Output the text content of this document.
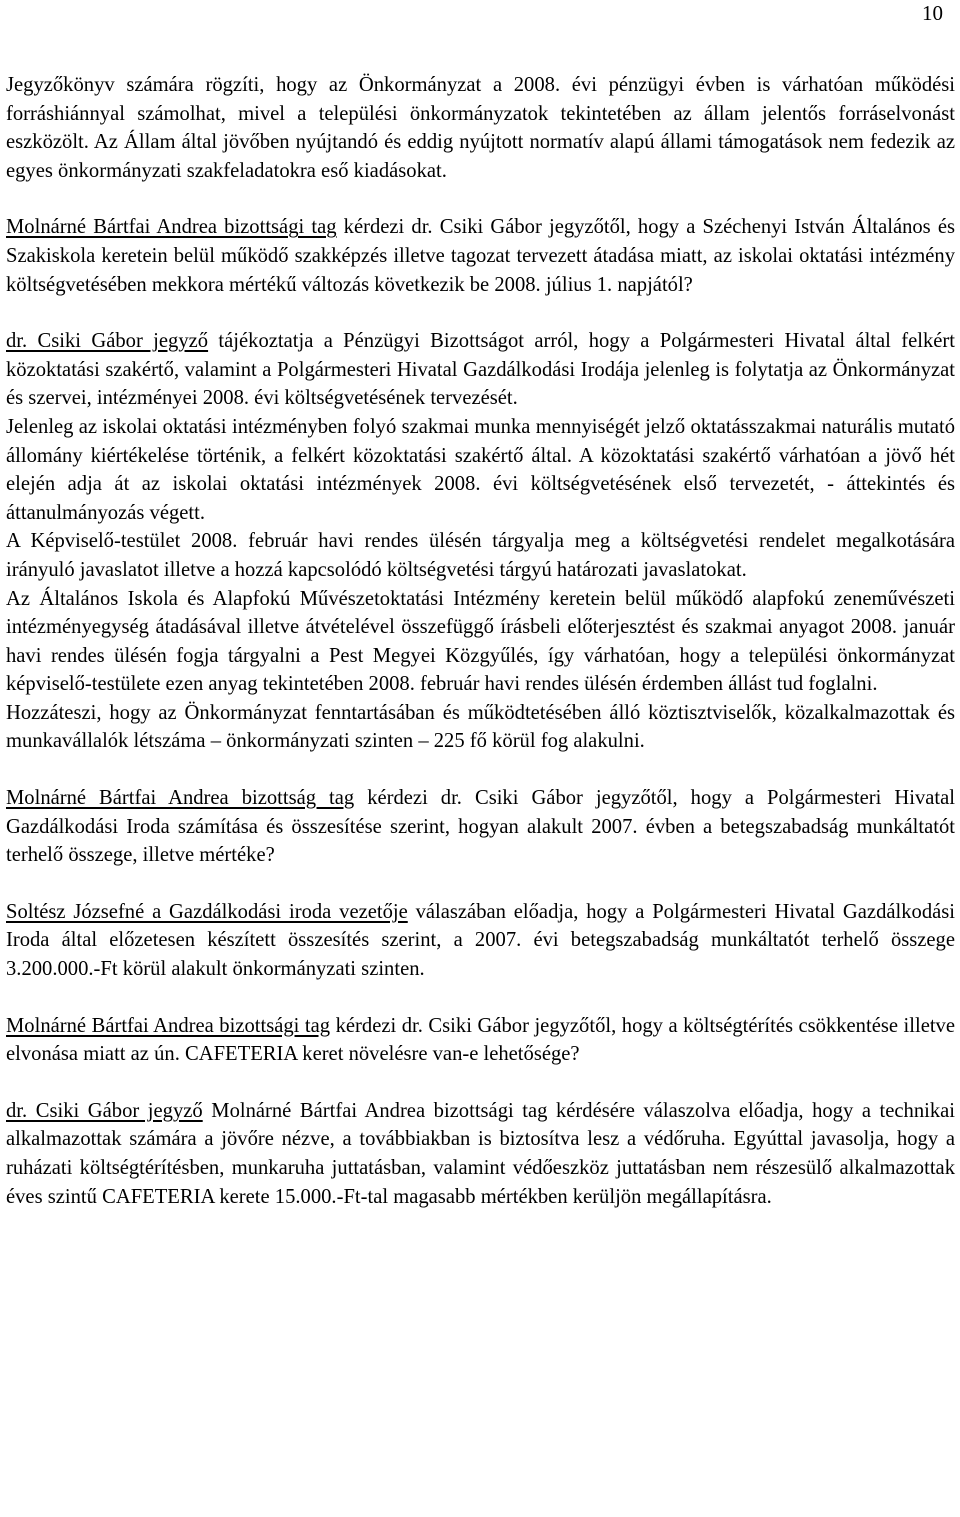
10

Jegyzőkönyv számára rögzíti, hogy az Önkormányzat a 2008. évi pénzügyi évben is várhatóan működési forráshiánnyal számolhat, mivel a települési önkormányzatok tekintetében az állam jelentős forráselvonást eszközölt. Az Állam által jövőben nyújtandó és eddig nyújtott normatív alapú állami támogatások nem fedezik az egyes önkormányzati szakfeladatokra eső kiadásokat.

Molnárné Bártfai Andrea bizottsági tag kérdezi dr. Csiki Gábor jegyzőtől, hogy a Széchenyi István Általános és Szakiskola keretein belül működő szakképzés illetve tagozat tervezett átadása miatt, az iskolai oktatási intézmény költségvetésében mekkora mértékű változás következik be 2008. július 1. napjától?

dr. Csiki Gábor jegyző tájékoztatja a Pénzügyi Bizottságot arról, hogy a Polgármesteri Hivatal által felkért közoktatási szakértő, valamint a Polgármesteri Hivatal Gazdálkodási Irodája jelenleg is folytatja az Önkormányzat és szervei, intézményei 2008. évi költségvetésének tervezését.

Jelenleg az iskolai oktatási intézményben folyó szakmai munka mennyiségét jelző oktatásszakmai naturális mutató állomány kiértékelése történik, a felkért közoktatási szakértő által. A közoktatási szakértő várhatóan a jövő hét elején adja át az iskolai oktatási intézmények 2008. évi költségvetésének első tervezetét, - áttekintés és áttanulmányozás végett.

A Képviselő-testület 2008. február havi rendes ülésén tárgyalja meg a költségvetési rendelet megalkotására irányuló javaslatot illetve a hozzá kapcsolódó költségvetési tárgyú határozati javaslatokat.

Az Általános Iskola és Alapfokú Művészetoktatási Intézmény keretein belül működő alapfokú zeneművészeti intézményegység átadásával illetve átvételével összefüggő írásbeli előterjesztést és szakmai anyagot 2008. január havi rendes ülésén fogja tárgyalni a Pest Megyei Közgyűlés, így várhatóan, hogy a települési önkormányzat képviselő-testülete ezen anyag tekintetében 2008. február havi rendes ülésén érdemben állást tud foglalni.

Hozzáteszi, hogy az Önkormányzat fenntartásában és működtetésében álló köztisztviselők, közalkalmazottak és munkavállalók létszáma – önkormányzati szinten – 225 fő körül fog alakulni.

Molnárné Bártfai Andrea bizottság tag kérdezi dr. Csiki Gábor jegyzőtől, hogy a Polgármesteri Hivatal Gazdálkodási Iroda számítása és összesítése szerint, hogyan alakult 2007. évben a betegszabadság munkáltatót terhelő összege, illetve mértéke?

Soltész Józsefné a Gazdálkodási iroda vezetője válaszában előadja, hogy a Polgármesteri Hivatal Gazdálkodási Iroda által előzetesen készített összesítés szerint, a 2007. évi betegszabadság munkáltatót terhelő összege 3.200.000.-Ft körül alakult önkormányzati szinten.

Molnárné Bártfai Andrea bizottsági tag kérdezi dr. Csiki Gábor jegyzőtől, hogy a költségtérítés csökkentése illetve elvonása miatt az ún. CAFETERIA keret növelésre van-e lehetősége?

dr. Csiki Gábor jegyző Molnárné Bártfai Andrea bizottsági tag kérdésére válaszolva előadja, hogy a technikai alkalmazottak számára a jövőre nézve, a továbbiakban is biztosítva lesz a védőruha. Egyúttal javasolja, hogy a ruházati költségtérítésben, munkaruha juttatásban, valamint védőeszköz juttatásban nem részesülő alkalmazottak éves szintű CAFETERIA kerete 15.000.-Ft-tal magasabb mértékben kerüljön megállapításra.
